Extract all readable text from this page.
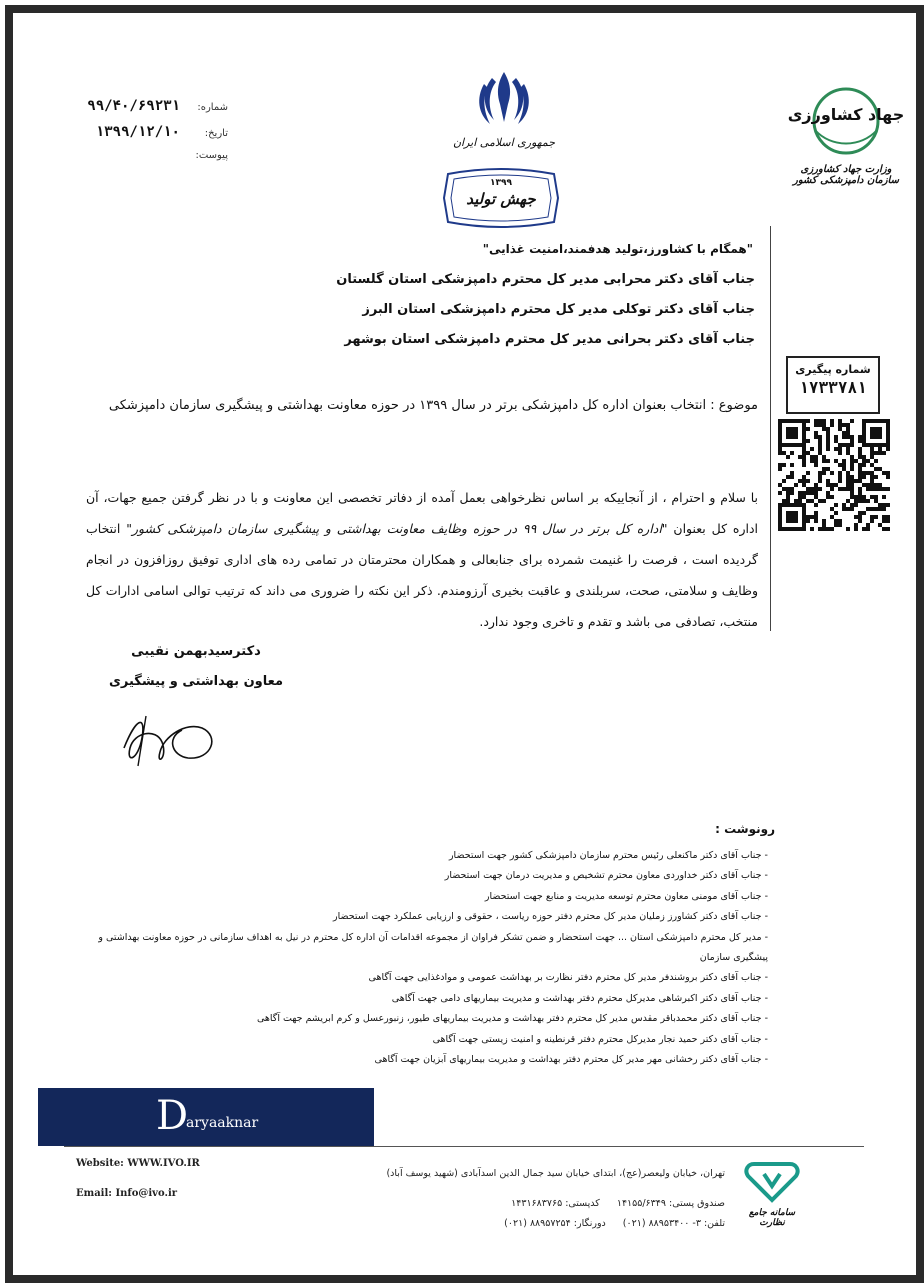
شماره:
۹۹/۴۰/۶۹۲۳۱
تاریخ:
۱۳۹۹/۱۲/۱۰
پیوست:
جمهوری اسلامی ایران
۱۳۹۹
جهش تولید
جهاد کشاورزی
وزارت جهاد کشاورزی
سازمان دامپزشکی کشور
"همگام با کشاورز،تولید هدفمند،امنیت غذایی"
جناب آقای دکتر محرابی مدیر کل محترم دامپزشکی استان گلستان
جناب آقای دکتر توکلی مدیر کل محترم دامپزشکی استان البرز
جناب آقای دکتر بحرانی مدیر کل محترم دامپزشکی استان بوشهر
موضوع : انتخاب بعنوان اداره کل دامپزشکی برتر در سال ۱۳۹۹ در حوزه معاونت بهداشتی و پیشگیری سازمان دامپزشکی
با سلام و احترام ، از آنجاییکه بر اساس نظرخواهی بعمل آمده از دفاتر تخصصی این معاونت و با در نظر گرفتن جمیع جهات، آن اداره کل بعنوان "اداره کل برتر در سال ۹۹ در حوزه وظایف معاونت بهداشتی و پیشگیری سازمان دامپزشکی کشور" انتخاب گردیده است ، فرصت را غنیمت شمرده برای جنابعالی و همکاران محترمتان در تمامی رده های اداری توفیق روزافزون در انجام وظایف و سلامتی، صحت، سربلندی و عاقبت بخیری آرزومندم. ذکر این نکته را ضروری می داند که ترتیب توالی اسامی ادارات کل منتخب، تصادفی می باشد و تقدم و تاخری وجود ندارد.
شماره پیگیری
۱۷۳۳۷۸۱
دکترسیدبهمن نقیبی
معاون بهداشتی و پیشگیری
رونوشت :
- جناب آقای دکتر ماکنعلی رئیس محترم سازمان دامپزشکی کشور جهت استحضار
- جناب آقای دکتر خداوردی معاون محترم تشخیص و مدیریت درمان جهت استحضار
- جناب آقای مومنی معاون محترم توسعه مدیریت و منابع جهت استحضار
- جناب آقای دکتر کشاورز زملیان مدیر کل محترم دفتر حوزه ریاست ، حقوقی و ارزیابی عملکرد جهت استحضار
- مدیر کل محترم دامپزشکی استان ... جهت استحضار و ضمن تشکر فراوان از مجموعه اقدامات آن اداره کل محترم در نیل به اهداف سازمانی در حوزه معاونت بهداشتی و پیشگیری سازمان
- جناب آقای دکتر بروشندفر مدیر کل محترم دفتر نظارت بر بهداشت عمومی و موادغذایی جهت آگاهی
- جناب آقای دکتر اکبرشاهی مدیرکل محترم دفتر بهداشت و مدیریت بیماریهای دامی جهت آگاهی
- جناب آقای دکتر محمدباقر مقدس مدیر کل محترم دفتر بهداشت و مدیریت بیماریهای طیور، زنبورعسل و کرم ابریشم جهت آگاهی
- جناب آقای دکتر حمید نجار مدیرکل محترم دفتر قرنطینه و امنیت زیستی جهت آگاهی
- جناب آقای دکتر رخشانی مهر مدیر کل محترم دفتر بهداشت و مدیریت بیماریهای آبزیان جهت آگاهی
D
aryaaknar
Website: WWW.IVO.IR
Email: Info@ivo.ir
تهران، خیابان ولیعصر(عج)، ابتدای خیابان سید جمال الدین اسدآبادی (شهید یوسف آباد)
صندوق پستی: ۱۴۱۵۵/۶۳۴۹ کدپستی: ۱۴۳۱۶۸۳۷۶۵
تلفن: ۳- ۸۸۹۵۳۴۰۰ (۰۲۱) دورنگار: ۸۸۹۵۷۲۵۴ (۰۲۱)
سامانه جامع نظارت
